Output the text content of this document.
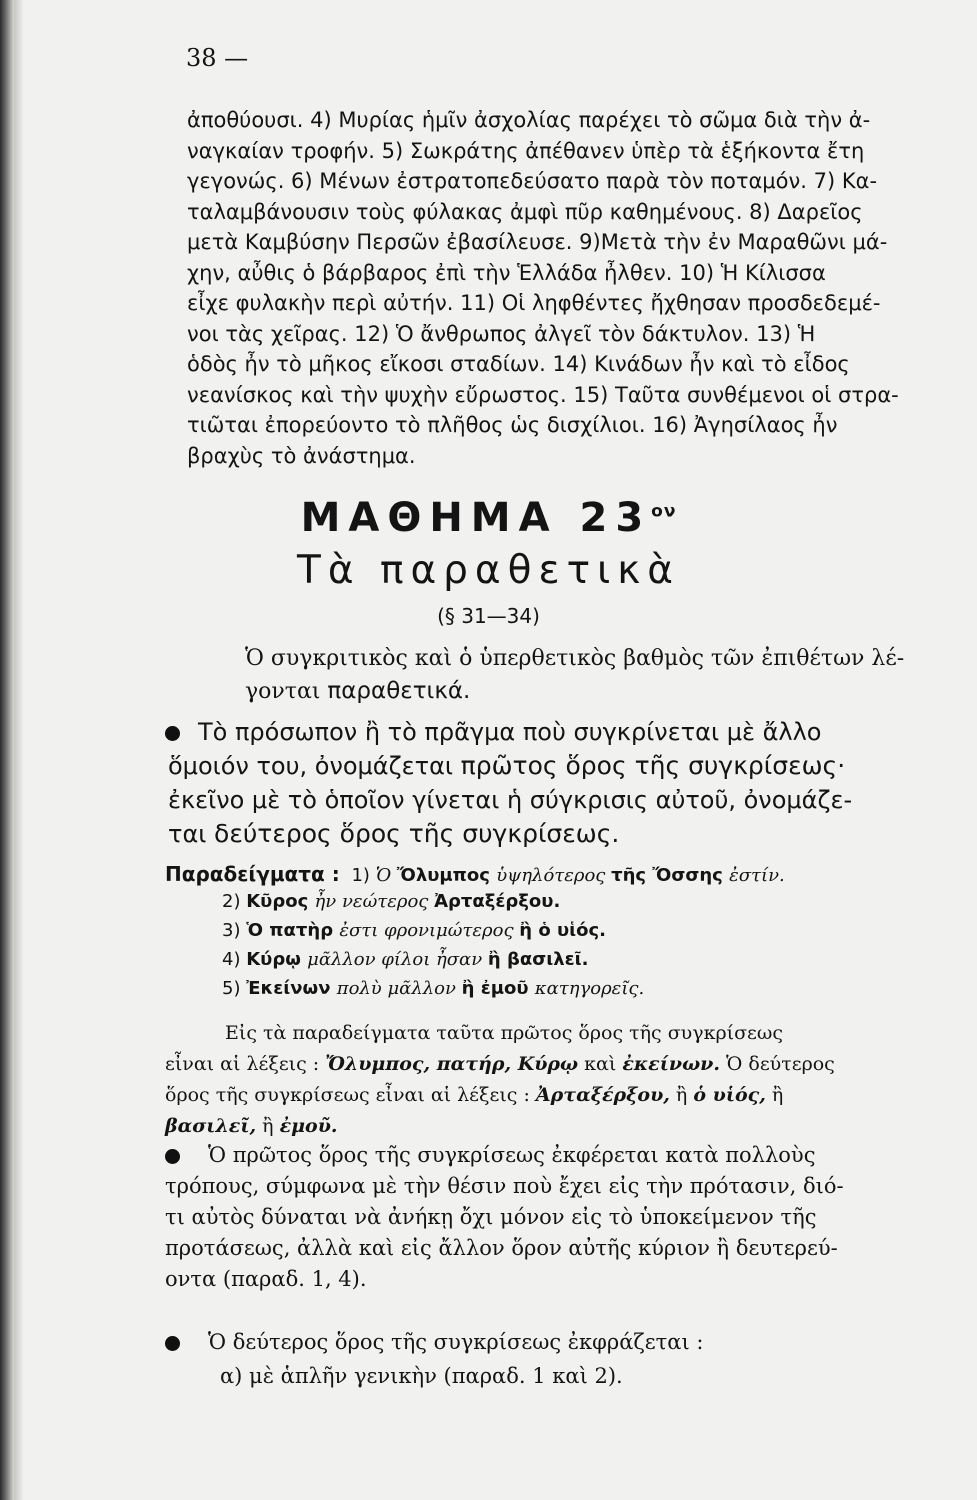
38 —
ἀποθύουσι. 4) Μυρίας ἡμῖν ἀσχολίας παρέχει τὸ σῶμα διὰ τὴν ἀ-
ναγκαίαν τροφήν. 5) Σωκράτης ἀπέθανεν ὑπὲρ τὰ ἑξήκοντα ἔτη
γεγονώς. 6) Μένων ἐστρατοπεδεύσατο παρὰ τὸν ποταμόν. 7) Κα-
ταλαμβάνουσιν τοὺς φύλακας ἀμφὶ πῦρ καθημένους. 8) Δαρεῖος
μετὰ Καμβύσην Περσῶν ἐβασίλευσε. 9)Μετὰ τὴν ἐν Μαραθῶνι μά-
χην, αὖθις ὁ βάρβαρος ἐπὶ τὴν Ἑλλάδα ἦλθεν. 10) Ἡ Κίλισσα
εἶχε φυλακὴν περὶ αὐτήν. 11) Οἱ ληφθέντες ἤχθησαν προσδεδεμέ-
νοι τὰς χεῖρας. 12) Ὁ ἄνθρωπος ἀλγεῖ τὸν δάκτυλον. 13) Ἡ
ὁδὸς ἦν τὸ μῆκος εἴκοσι σταδίων. 14) Κινάδων ἦν καὶ τὸ εἶδος
νεανίσκος καὶ τὴν ψυχὴν εὔρωστος. 15) Ταῦτα συνθέμενοι οἱ στρα-
τιῶται ἐπορεύοντο τὸ πλῆθος ὡς δισχίλιοι. 16) Ἀγησίλαος ἦν
βραχὺς τὸ ἀνάστημα.
ΜΑΘΗΜΑ $23^{o\nu}$
Τὰ παραθετικὰ
(§ 31—34)
Ὁ συγκριτικὸς καὶ ὁ ὑπερθετικὸς βαθμὸς τῶν ἐπιθέτων λέ-
γονται παραθετικά.
Τὸ πρόσωπον ἢ τὸ πρᾶγμα ποὺ συγκρίνεται μὲ ἄλλο
ὅμοιόν του, ὀνομάζεται πρῶτος ὅρος τῆς συγκρίσεως·
ἐκεῖνο μὲ τὸ ὁποῖον γίνεται ἡ σύγκρισις αὐτοῦ, ὀνομάζε-
ται δεύτερος ὅρος τῆς συγκρίσεως.
Παραδείγματα : 1) Ὁ Ὄλυμπος ὑψηλότερος τῆς Ὄσσης ἐστίν.
2) Κῦρος ἦν νεώτερος Ἀρταξέρξου.
3) Ὁ πατὴρ ἐστι φρονιμώτερος ἢ ὁ υἱός.
4) Κύρῳ μᾶλλον φίλοι ἦσαν ἢ βασιλεῖ.
5) Ἐκείνων πολὺ μᾶλλον ἢ ἐμοῦ κατηγορεῖς.
Εἰς τὰ παραδείγματα ταῦτα πρῶτος ὅρος τῆς συγκρίσεως
εἶναι αἱ λέξεις : Ὄλυμπος, πατήρ, Κύρῳ καὶ ἐκείνων. Ὁ δεύτερος
ὅρος τῆς συγκρίσεως εἶναι αἱ λέξεις : Ἀρταξέρξου, ἢ ὁ υἱός, ἢ
βασιλεῖ, ἢ ἐμοῦ.
Ὁ πρῶτος ὅρος τῆς συγκρίσεως ἐκφέρεται κατὰ πολλοὺς
τρόπους, σύμφωνα μὲ τὴν θέσιν ποὺ ἔχει εἰς τὴν πρότασιν, διό-
τι αὐτὸς δύναται νὰ ἀνήκῃ ὄχι μόνον εἰς τὸ ὑποκείμενον τῆς
προτάσεως, ἀλλὰ καὶ εἰς ἄλλον ὅρον αὐτῆς κύριον ἢ δευτερεύ-
οντα (παραδ. 1, 4).
Ὁ δεύτερος ὅρος τῆς συγκρίσεως ἐκφράζεται :
α) μὲ ἁπλῆν γενικὴν (παραδ. 1 καὶ 2).
